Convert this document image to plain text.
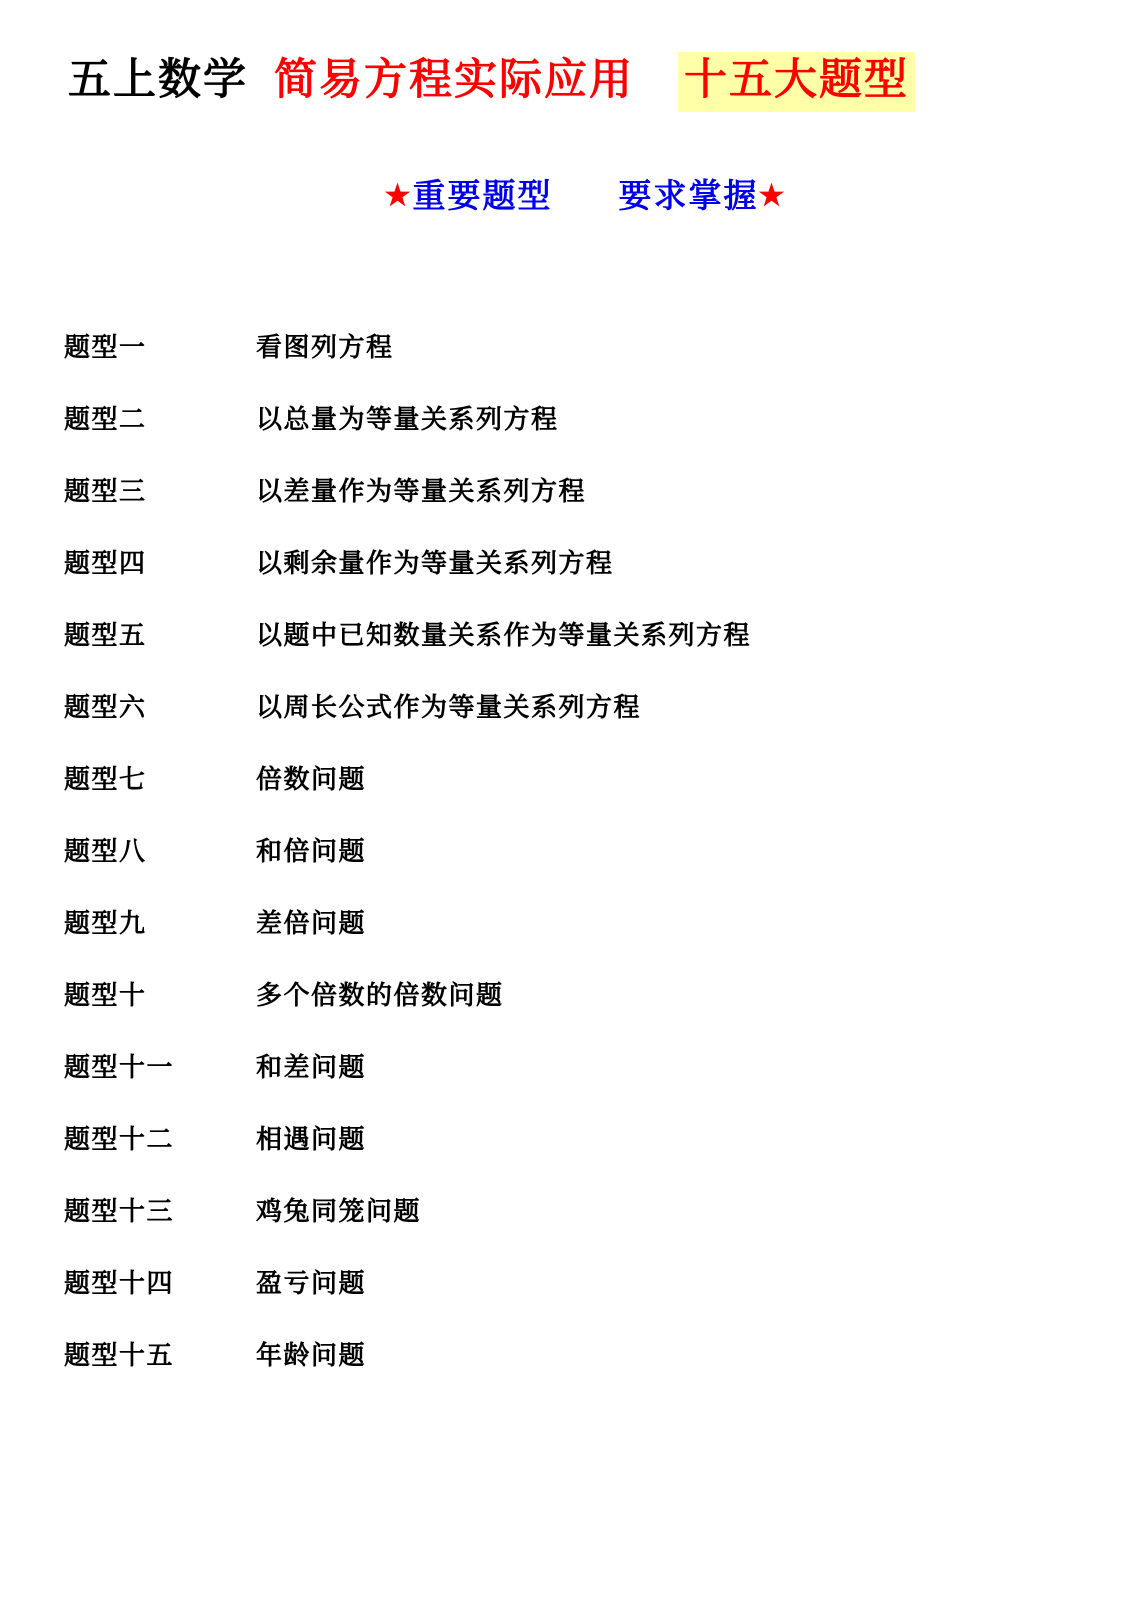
五上数学 简易方程实际应用 十五大题型
★重要题型 要求掌握★
题型一	看图列方程
题型二	以总量为等量关系列方程
题型三	以差量作为等量关系列方程
题型四	以剩余量作为等量关系列方程
题型五	以题中已知数量关系作为等量关系列方程
题型六	以周长公式作为等量关系列方程
题型七	倍数问题
题型八	和倍问题
题型九	差倍问题
题型十	多个倍数的倍数问题
题型十一	和差问题
题型十二	相遇问题
题型十三	鸡兔同笼问题
题型十四	盈亏问题
题型十五	年龄问题
